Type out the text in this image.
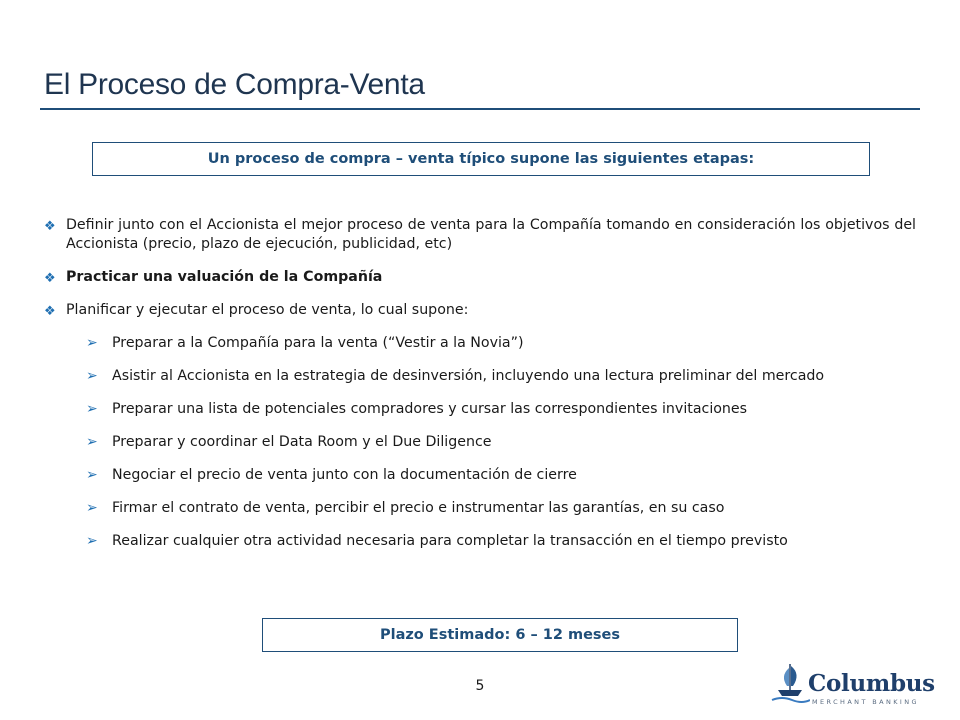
El Proceso de Compra-Venta
Un proceso de compra – venta típico supone las siguientes etapas:
❖ Definir junto con el Accionista el mejor proceso de venta para la Compañía tomando en consideración los objetivos del Accionista (precio, plazo de ejecución, publicidad, etc)
❖ Practicar una valuación de la Compañía
❖ Planificar y ejecutar el proceso de venta, lo cual supone:
➢ Preparar a la Compañía para la venta (“Vestir a la Novia”)
➢ Asistir al Accionista en la estrategia de desinversión, incluyendo una lectura preliminar del mercado
➢ Preparar una lista de potenciales compradores y cursar las correspondientes invitaciones
➢ Preparar y coordinar el Data Room y el Due Diligence
➢ Negociar el precio de venta junto con la documentación de cierre
➢ Firmar el contrato de venta, percibir el precio e instrumentar las garantías, en su caso
➢ Realizar cualquier otra actividad necesaria para completar la transacción en el tiempo previsto
Plazo Estimado: 6 – 12 meses
5	Columbus
MERCHANT BANKING
